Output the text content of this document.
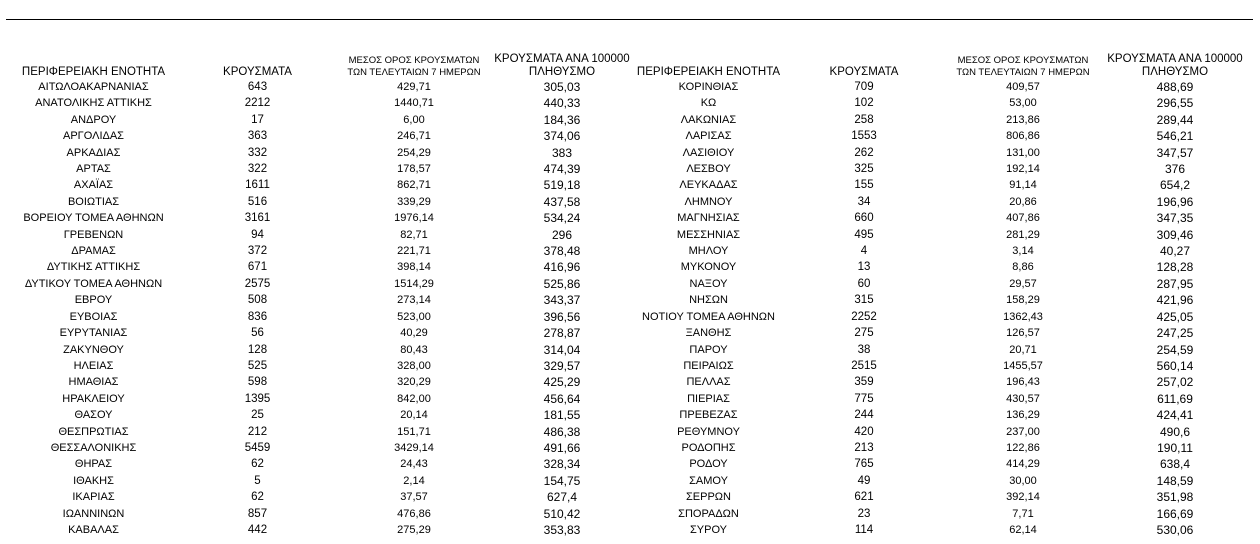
ΠΕΡΙΦΕΡΕΙΑΚΗ ΕΝΟΤΗΤΑ	ΚΡΟΥΣΜΑΤΑ	ΜΕΣΟΣ ΟΡΟΣ ΚΡΟΥΣΜΑΤΩΝ
ΤΩΝ ΤΕΛΕΥΤΑΙΩΝ 7 ΗΜΕΡΩΝ	ΚΡΟΥΣΜΑΤΑ ΑΝΑ 100000
ΠΛΗΘΥΣΜΟ	ΠΕΡΙΦΕΡΕΙΑΚΗ ΕΝΟΤΗΤΑ	ΚΡΟΥΣΜΑΤΑ	ΜΕΣΟΣ ΟΡΟΣ ΚΡΟΥΣΜΑΤΩΝ
ΤΩΝ ΤΕΛΕΥΤΑΙΩΝ 7 ΗΜΕΡΩΝ	ΚΡΟΥΣΜΑΤΑ ΑΝΑ 100000
ΠΛΗΘΥΣΜΟ
ΑΙΤΩΛΟΑΚΑΡΝΑΝΙΑΣ	643	429,71	305,03	ΚΟΡΙΝΘΙΑΣ	709	409,57	488,69
ΑΝΑΤΟΛΙΚΗΣ ΑΤΤΙΚΗΣ	2212	1440,71	440,33	ΚΩ	102	53,00	296,55
ΑΝΔΡΟΥ	17	6,00	184,36	ΛΑΚΩΝΙΑΣ	258	213,86	289,44
ΑΡΓΟΛΙΔΑΣ	363	246,71	374,06	ΛΑΡΙΣΑΣ	1553	806,86	546,21
ΑΡΚΑΔΙΑΣ	332	254,29	383	ΛΑΣΙΘΙΟΥ	262	131,00	347,57
ΑΡΤΑΣ	322	178,57	474,39	ΛΕΣΒΟΥ	325	192,14	376
ΑΧΑΪΑΣ	1611	862,71	519,18	ΛΕΥΚΑΔΑΣ	155	91,14	654,2
ΒΟΙΩΤΙΑΣ	516	339,29	437,58	ΛΗΜΝΟΥ	34	20,86	196,96
ΒΟΡΕΙΟΥ ΤΟΜΕΑ ΑΘΗΝΩΝ	3161	1976,14	534,24	ΜΑΓΝΗΣΙΑΣ	660	407,86	347,35
ΓΡΕΒΕΝΩΝ	94	82,71	296	ΜΕΣΣΗΝΙΑΣ	495	281,29	309,46
ΔΡΑΜΑΣ	372	221,71	378,48	ΜΗΛΟΥ	4	3,14	40,27
ΔΥΤΙΚΗΣ ΑΤΤΙΚΗΣ	671	398,14	416,96	ΜΥΚΟΝΟΥ	13	8,86	128,28
ΔΥΤΙΚΟΥ ΤΟΜΕΑ ΑΘΗΝΩΝ	2575	1514,29	525,86	ΝΑΞΟΥ	60	29,57	287,95
ΕΒΡΟΥ	508	273,14	343,37	ΝΗΣΩΝ	315	158,29	421,96
ΕΥΒΟΙΑΣ	836	523,00	396,56	ΝΟΤΙΟΥ ΤΟΜΕΑ ΑΘΗΝΩΝ	2252	1362,43	425,05
ΕΥΡΥΤΑΝΙΑΣ	56	40,29	278,87	ΞΑΝΘΗΣ	275	126,57	247,25
ΖΑΚΥΝΘΟΥ	128	80,43	314,04	ΠΑΡΟΥ	38	20,71	254,59
ΗΛΕΙΑΣ	525	328,00	329,57	ΠΕΙΡΑΙΩΣ	2515	1455,57	560,14
ΗΜΑΘΙΑΣ	598	320,29	425,29	ΠΕΛΛΑΣ	359	196,43	257,02
ΗΡΑΚΛΕΙΟΥ	1395	842,00	456,64	ΠΙΕΡΙΑΣ	775	430,57	611,69
ΘΑΣΟΥ	25	20,14	181,55	ΠΡΕΒΕΖΑΣ	244	136,29	424,41
ΘΕΣΠΡΩΤΙΑΣ	212	151,71	486,38	ΡΕΘΥΜΝΟΥ	420	237,00	490,6
ΘΕΣΣΑΛΟΝΙΚΗΣ	5459	3429,14	491,66	ΡΟΔΟΠΗΣ	213	122,86	190,11
ΘΗΡΑΣ	62	24,43	328,34	ΡΟΔΟΥ	765	414,29	638,4
ΙΘΑΚΗΣ	5	2,14	154,75	ΣΑΜΟΥ	49	30,00	148,59
ΙΚΑΡΙΑΣ	62	37,57	627,4	ΣΕΡΡΩΝ	621	392,14	351,98
ΙΩΑΝΝΙΝΩΝ	857	476,86	510,42	ΣΠΟΡΑΔΩΝ	23	7,71	166,69
ΚΑΒΑΛΑΣ	442	275,29	353,83	ΣΥΡΟΥ	114	62,14	530,06
